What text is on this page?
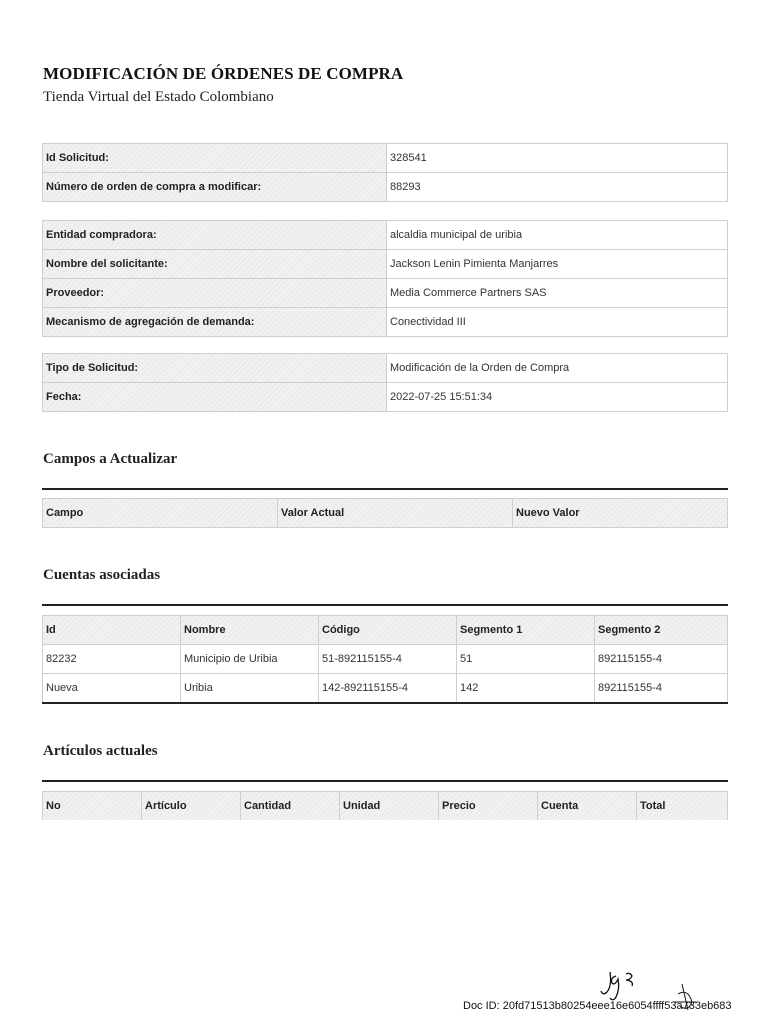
MODIFICACIÓN DE ÓRDENES DE COMPRA
Tienda Virtual del Estado Colombiano
Id Solicitud:	328541
Número de orden de compra a modificar:	88293
Entidad compradora:	alcaldia municipal de uribia
Nombre del solicitante:	Jackson Lenin Pimienta Manjarres
Proveedor:	Media Commerce Partners SAS
Mecanismo de agregación de demanda:	Conectividad III
Tipo de Solicitud:	Modificación de la Orden de Compra
Fecha:	2022-07-25 15:51:34
Campos a Actualizar
Campo	Valor Actual	Nuevo Valor
Cuentas asociadas
Id	Nombre	Código	Segmento 1	Segmento 2
82232	Municipio de Uribia	51-892115155-4	51	892115155-4
Nueva	Uribia	142-892115155-4	142	892115155-4
Artículos actuales
No	Artículo	Cantidad	Unidad	Precio	Cuenta	Total
Doc ID: 20fd71513b80254eee16e6054ffff53a733eb683
